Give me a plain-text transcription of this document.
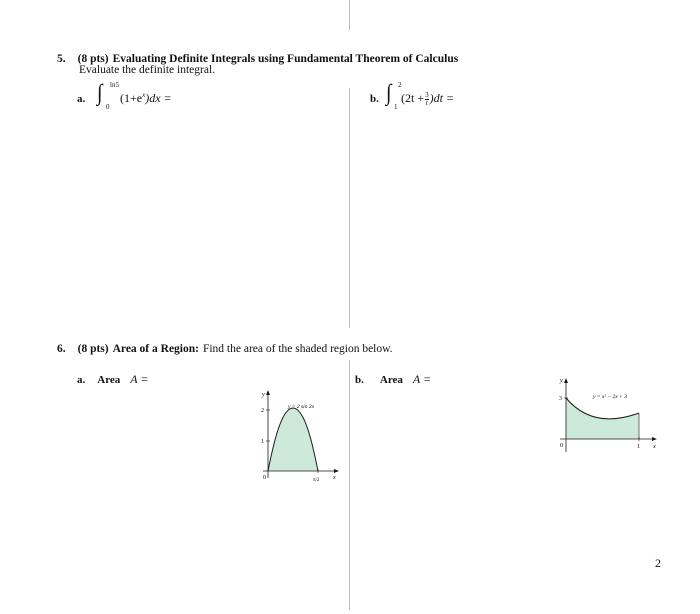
5. (8 pts) Evaluating Definite Integrals using Fundamental Theorem of Calculus
Evaluate the definite integral.
a. ∫ ln5
0
$(1+e^x)dx$ =	b. ∫ 2
1
$(2t + \frac{3}{t} )dt$ =
6. (8 pts) Area of a Region: Find the area of the shaded region below.
a. Area A =	b. Area A =
y
2
1
0	π/2 x
y = 2 sin 2x
y
3
0	1 x
y = x² − 2x + 3
2
